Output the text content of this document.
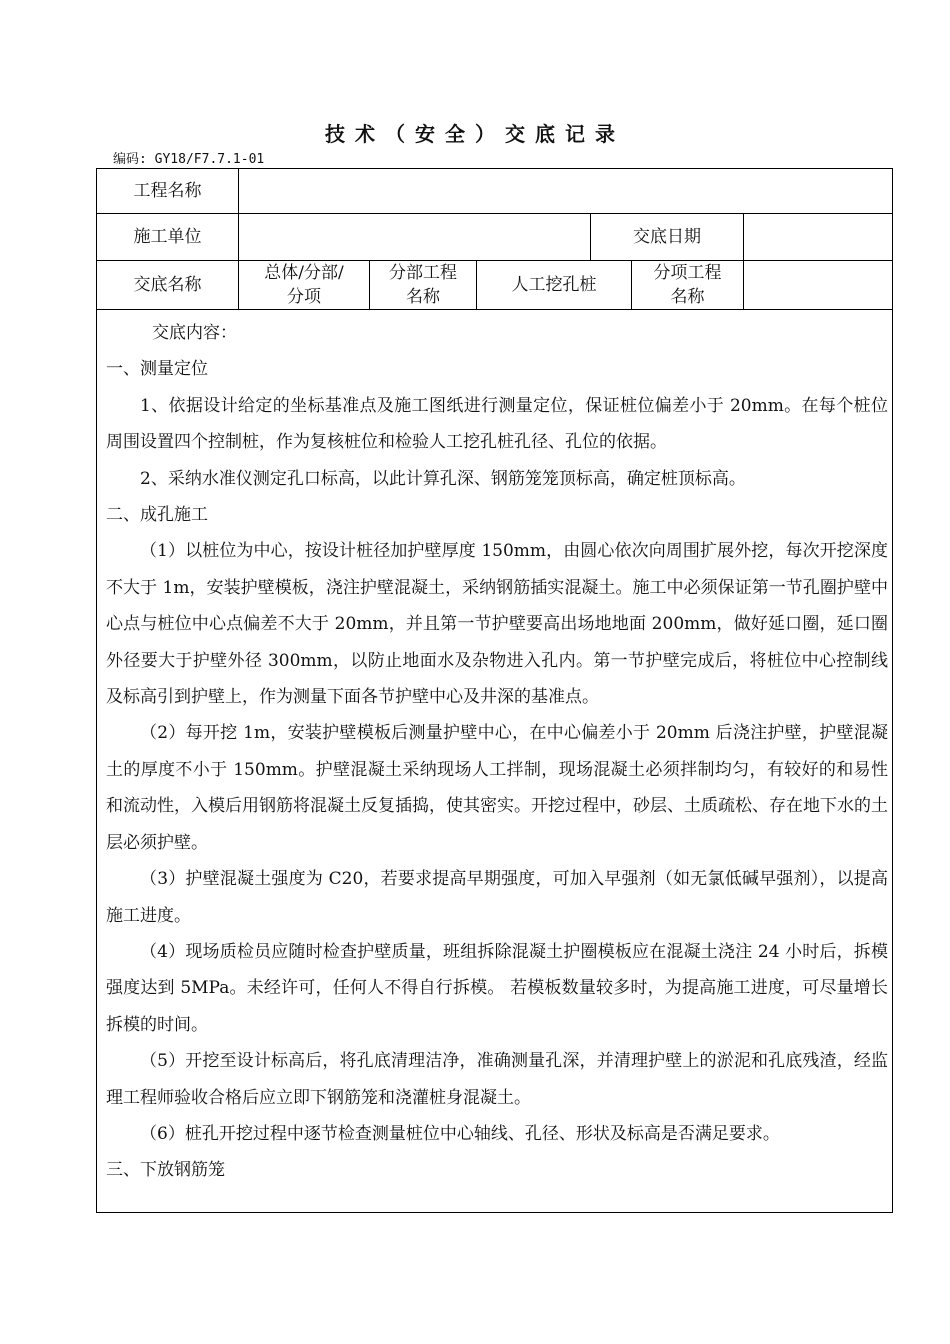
技术（安全）交底记录
编码: GY18/F7.7.1-01
工程名称
施工单位	交底日期
交底名称
总体/分部/
分项
分部工程
名称
人工挖孔桩
分项工程
名称

交底内容：

一、测量定位

1、依据设计给定的坐标基准点及施工图纸进行测量定位，保证桩位偏差小于 20mm。在每个桩位周围设置四个控制桩，作为复核桩位和检验人工挖孔桩孔径、孔位的依据。

2、采纳水准仪测定孔口标高，以此计算孔深、钢筋笼笼顶标高，确定桩顶标高。

二、成孔施工

（1）以桩位为中心，按设计桩径加护壁厚度 150mm，由圆心依次向周围扩展外挖，每次开挖深度不大于 1m，安装护壁模板，浇注护壁混凝土，采纳钢筋插实混凝土。施工中必须保证第一节孔圈护壁中心点与桩位中心点偏差不大于 20mm，并且第一节护壁要高出场地地面 200mm，做好延口圈，延口圈外径要大于护壁外径 300mm，以防止地面水及杂物进入孔内。第一节护壁完成后，将桩位中心控制线及标高引到护壁上，作为测量下面各节护壁中心及井深的基准点。

（2）每开挖 1m，安装护壁模板后测量护壁中心，在中心偏差小于 20mm 后浇注护壁，护壁混凝土的厚度不小于 150mm。护壁混凝土采纳现场人工拌制，现场混凝土必须拌制均匀，有较好的和易性和流动性，入模后用钢筋将混凝土反复插捣，使其密实。开挖过程中，砂层、土质疏松、存在地下水的土层必须护壁。

（3）护壁混凝土强度为 C20，若要求提高早期强度，可加入早强剂（如无氯低碱早强剂），以提高施工进度。

（4）现场质检员应随时检查护壁质量，班组拆除混凝土护圈模板应在混凝土浇注 24 小时后，拆模强度达到 5MPa。未经许可，任何人不得自行拆模。 若模板数量较多时，为提高施工进度，可尽量增长拆模的时间。

（5）开挖至设计标高后，将孔底清理洁净，准确测量孔深，并清理护壁上的淤泥和孔底残渣，经监理工程师验收合格后应立即下钢筋笼和浇灌桩身混凝土。

（6）桩孔开挖过程中逐节检查测量桩位中心轴线、孔径、形状及标高是否满足要求。

三、下放钢筋笼
